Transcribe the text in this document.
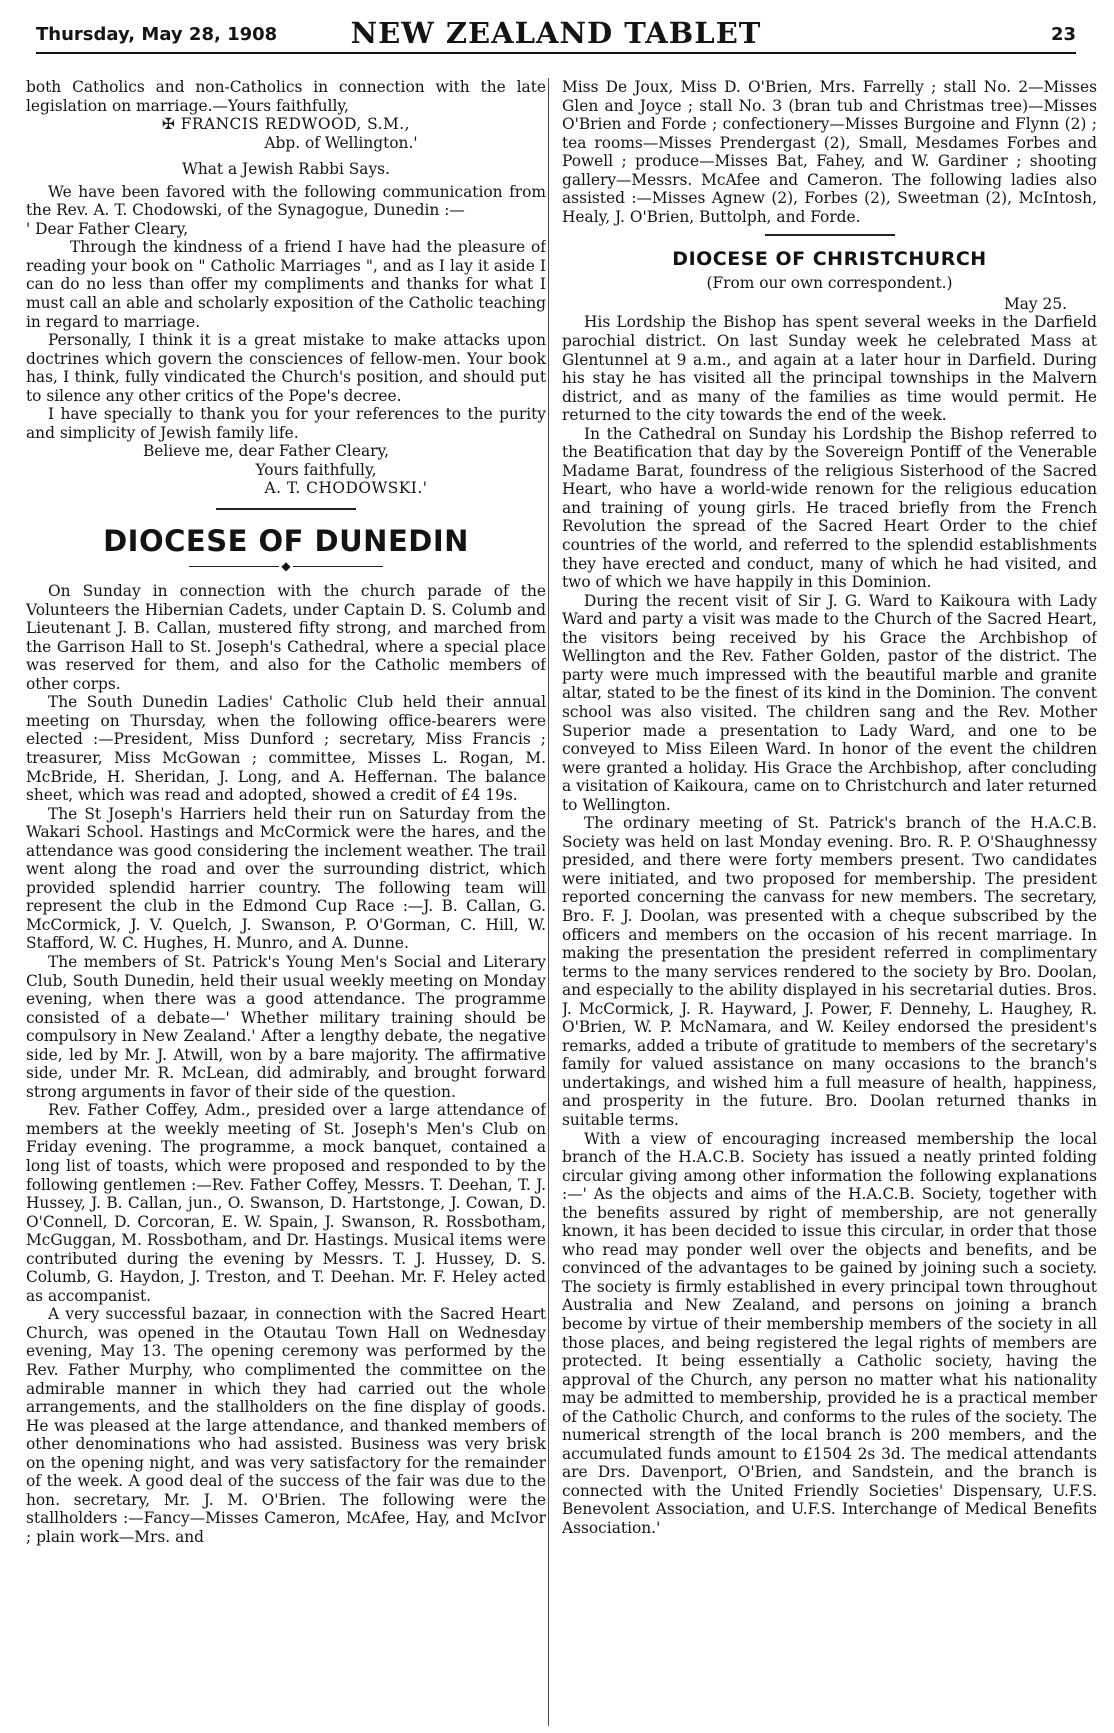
Thursday, May 28, 1908	NEW ZEALAND TABLET	23

both Catholics and non-Catholics in connection with the late legislation on marriage.—Yours faithfully,

✠ FRANCIS REDWOOD, S.M.,

Abp. of Wellington.'

What a Jewish Rabbi Says.

We have been favored with the following communication from the Rev. A. T. Chodowski, of the Synagogue, Dunedin :—

' Dear Father Cleary,

Through the kindness of a friend I have had the pleasure of reading your book on " Catholic Marriages ", and as I lay it aside I can do no less than offer my compliments and thanks for what I must call an able and scholarly exposition of the Catholic teaching in regard to marriage.

Personally, I think it is a great mistake to make attacks upon doctrines which govern the consciences of fellow-men. Your book has, I think, fully vindicated the Church's position, and should put to silence any other critics of the Pope's decree.

I have specially to thank you for your references to the purity and simplicity of Jewish family life.

Believe me, dear Father Cleary,

Yours faithfully,

A. T. CHODOWSKI.'

DIOCESE OF DUNEDIN
◆

On Sunday in connection with the church parade of the Volunteers the Hibernian Cadets, under Captain D. S. Columb and Lieutenant J. B. Callan, mustered fifty strong, and marched from the Garrison Hall to St. Joseph's Cathedral, where a special place was reserved for them, and also for the Catholic members of other corps.

The South Dunedin Ladies' Catholic Club held their annual meeting on Thursday, when the following office-bearers were elected :—President, Miss Dunford ; secretary, Miss Francis ; treasurer, Miss McGowan ; committee, Misses L. Rogan, M. McBride, H. Sheridan, J. Long, and A. Heffernan. The balance sheet, which was read and adopted, showed a credit of £4 19s.

The St Joseph's Harriers held their run on Saturday from the Wakari School. Hastings and McCormick were the hares, and the attendance was good considering the inclement weather. The trail went along the road and over the surrounding district, which provided splendid harrier country. The following team will represent the club in the Edmond Cup Race :—J. B. Callan, G. McCormick, J. V. Quelch, J. Swanson, P. O'Gorman, C. Hill, W. Stafford, W. C. Hughes, H. Munro, and A. Dunne.

The members of St. Patrick's Young Men's Social and Literary Club, South Dunedin, held their usual weekly meeting on Monday evening, when there was a good attendance. The programme consisted of a debate—' Whether military training should be compulsory in New Zealand.' After a lengthy debate, the negative side, led by Mr. J. Atwill, won by a bare majority. The affirmative side, under Mr. R. McLean, did admirably, and brought forward strong arguments in favor of their side of the question.

Rev. Father Coffey, Adm., presided over a large attendance of members at the weekly meeting of St. Joseph's Men's Club on Friday evening. The programme, a mock banquet, contained a long list of toasts, which were proposed and responded to by the following gentlemen :—Rev. Father Coffey, Messrs. T. Deehan, T. J. Hussey, J. B. Callan, jun., O. Swanson, D. Hartstonge, J. Cowan, D. O'Connell, D. Corcoran, E. W. Spain, J. Swanson, R. Rossbotham, McGuggan, M. Rossbotham, and Dr. Hastings. Musical items were contributed during the evening by Messrs. T. J. Hussey, D. S. Columb, G. Haydon, J. Treston, and T. Deehan. Mr. F. Heley acted as accompanist.

A very successful bazaar, in connection with the Sacred Heart Church, was opened in the Otautau Town Hall on Wednesday evening, May 13. The opening ceremony was performed by the Rev. Father Murphy, who complimented the committee on the admirable manner in which they had carried out the whole arrangements, and the stallholders on the fine display of goods. He was pleased at the large attendance, and thanked members of other denominations who had assisted. Business was very brisk on the opening night, and was very satisfactory for the remainder of the week. A good deal of the success of the fair was due to the hon. secretary, Mr. J. M. O'Brien. The following were the stallholders :—Fancy—Misses Cameron, McAfee, Hay, and McIvor ; plain work—Mrs. and

Miss De Joux, Miss D. O'Brien, Mrs. Farrelly ; stall No. 2—Misses Glen and Joyce ; stall No. 3 (bran tub and Christmas tree)—Misses O'Brien and Forde ; confectionery—Misses Burgoine and Flynn (2) ; tea rooms—Misses Prendergast (2), Small, Mesdames Forbes and Powell ; produce—Misses Bat, Fahey, and W. Gardiner ; shooting gallery—Messrs. McAfee and Cameron. The following ladies also assisted :—Misses Agnew (2), Forbes (2), Sweetman (2), McIntosh, Healy, J. O'Brien, Buttolph, and Forde.

DIOCESE OF CHRISTCHURCH

(From our own correspondent.)

May 25.

His Lordship the Bishop has spent several weeks in the Darfield parochial district. On last Sunday week he celebrated Mass at Glentunnel at 9 a.m., and again at a later hour in Darfield. During his stay he has visited all the principal townships in the Malvern district, and as many of the families as time would permit. He returned to the city towards the end of the week.

In the Cathedral on Sunday his Lordship the Bishop referred to the Beatification that day by the Sovereign Pontiff of the Venerable Madame Barat, foundress of the religious Sisterhood of the Sacred Heart, who have a world-wide renown for the religious education and training of young girls. He traced briefly from the French Revolution the spread of the Sacred Heart Order to the chief countries of the world, and referred to the splendid establishments they have erected and conduct, many of which he had visited, and two of which we have happily in this Dominion.

During the recent visit of Sir J. G. Ward to Kaikoura with Lady Ward and party a visit was made to the Church of the Sacred Heart, the visitors being received by his Grace the Archbishop of Wellington and the Rev. Father Golden, pastor of the district. The party were much impressed with the beautiful marble and granite altar, stated to be the finest of its kind in the Dominion. The convent school was also visited. The children sang and the Rev. Mother Superior made a presentation to Lady Ward, and one to be conveyed to Miss Eileen Ward. In honor of the event the children were granted a holiday. His Grace the Archbishop, after concluding a visitation of Kaikoura, came on to Christchurch and later returned to Wellington.

The ordinary meeting of St. Patrick's branch of the H.A.C.B. Society was held on last Monday evening. Bro. R. P. O'Shaughnessy presided, and there were forty members present. Two candidates were initiated, and two proposed for membership. The president reported concerning the canvass for new members. The secretary, Bro. F. J. Doolan, was presented with a cheque subscribed by the officers and members on the occasion of his recent marriage. In making the presentation the president referred in complimentary terms to the many services rendered to the society by Bro. Doolan, and especially to the ability displayed in his secretarial duties. Bros. J. McCormick, J. R. Hayward, J. Power, F. Dennehy, L. Haughey, R. O'Brien, W. P. McNamara, and W. Keiley endorsed the president's remarks, added a tribute of gratitude to members of the secretary's family for valued assistance on many occasions to the branch's undertakings, and wished him a full measure of health, happiness, and prosperity in the future. Bro. Doolan returned thanks in suitable terms.

With a view of encouraging increased membership the local branch of the H.A.C.B. Society has issued a neatly printed folding circular giving among other information the following explanations :—' As the objects and aims of the H.A.C.B. Society, together with the benefits assured by right of membership, are not generally known, it has been decided to issue this circular, in order that those who read may ponder well over the objects and benefits, and be convinced of the advantages to be gained by joining such a society. The society is firmly established in every principal town throughout Australia and New Zealand, and persons on joining a branch become by virtue of their membership members of the society in all those places, and being registered the legal rights of members are protected. It being essentially a Catholic society, having the approval of the Church, any person no matter what his nationality may be admitted to membership, provided he is a practical member of the Catholic Church, and conforms to the rules of the society. The numerical strength of the local branch is 200 members, and the accumulated funds amount to £1504 2s 3d. The medical attendants are Drs. Davenport, O'Brien, and Sandstein, and the branch is connected with the United Friendly Societies' Dispensary, U.F.S. Benevolent Association, and U.F.S. Interchange of Medical Benefits Association.'
